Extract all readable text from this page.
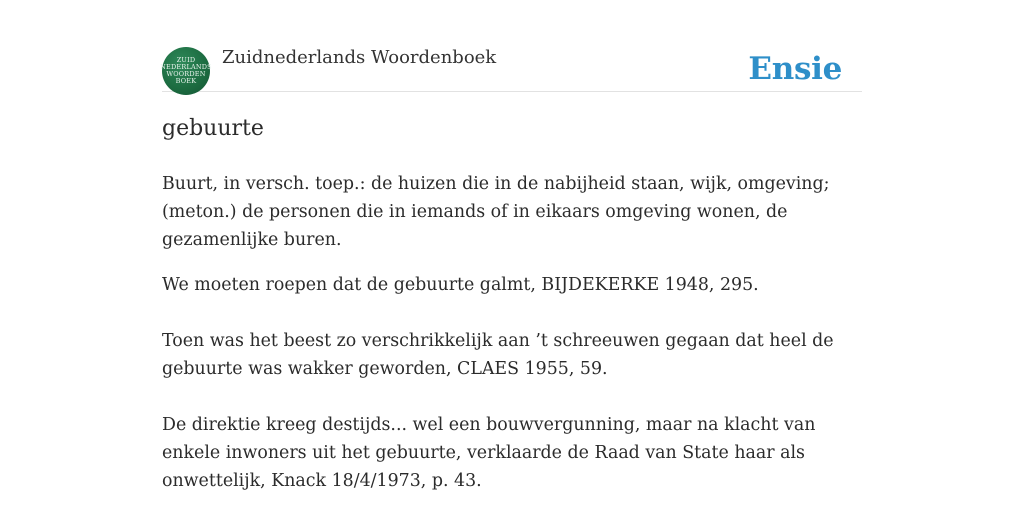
ZUID
NEDERLANDS
WOORDEN
BOEK
Zuidnederlands Woordenboek	Ensie
gebuurte

Buurt, in versch. toep.: de huizen die in de nabijheid staan, wijk, omgeving; (meton.) de personen die in iemands of in eikaars omgeving wonen, de gezamenlijke buren.

We moeten roepen dat de gebuurte galmt, BIJDEKERKE 1948, 295.

Toen was het beest zo verschrikkelijk aan ’t schreeuwen gegaan dat heel de gebuurte was wakker geworden, CLAES 1955, 59.

De direktie kreeg destijds... wel een bouwvergunning, maar na klacht van enkele inwoners uit het gebuurte, verklaarde de Raad van State haar als onwettelijk, Knack 18/4/1973, p. 43.
